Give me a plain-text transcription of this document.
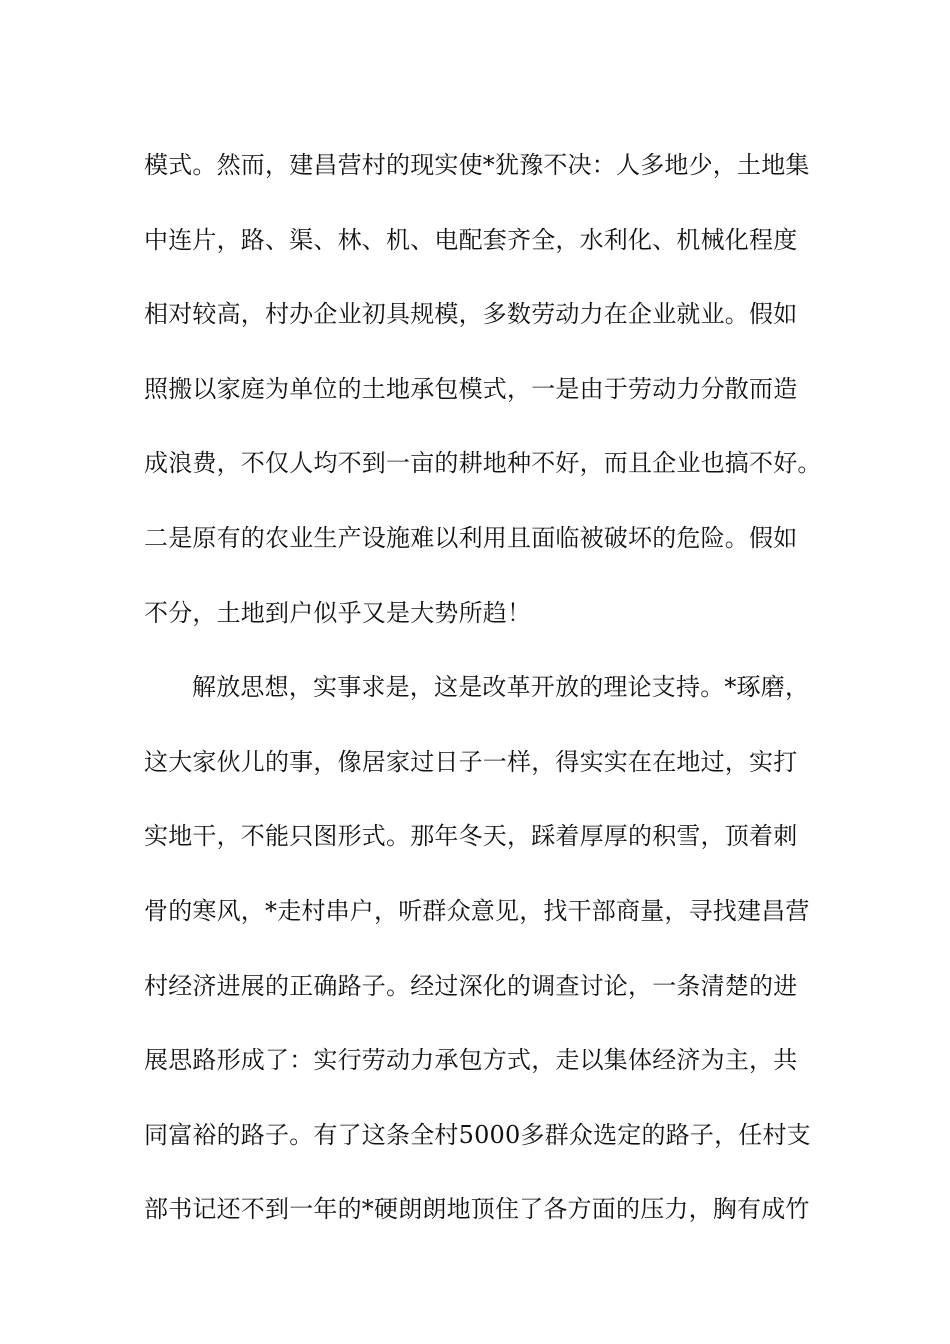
模式。然而，建昌营村的现实使*犹豫不决：人多地少，土地集
中连片，路、渠、林、机、电配套齐全，水利化、机械化程度
相对较高，村办企业初具规模，多数劳动力在企业就业。假如
照搬以家庭为单位的土地承包模式，一是由于劳动力分散而造
成浪费，不仅人均不到一亩的耕地种不好，而且企业也搞不好。
二是原有的农业生产设施难以利用且面临被破坏的危险。假如
不分，土地到户似乎又是大势所趋！
解放思想，实事求是，这是改革开放的理论支持。*琢磨，
这大家伙儿的事，像居家过日子一样，得实实在在地过，实打
实地干，不能只图形式。那年冬天，踩着厚厚的积雪，顶着刺
骨的寒风，*走村串户，听群众意见，找干部商量，寻找建昌营
村经济进展的正确路子。经过深化的调查讨论，一条清楚的进
展思路形成了：实行劳动力承包方式，走以集体经济为主，共
同富裕的路子。有了这条全村5000多群众选定的路子，任村支
部书记还不到一年的*硬朗朗地顶住了各方面的压力，胸有成竹
